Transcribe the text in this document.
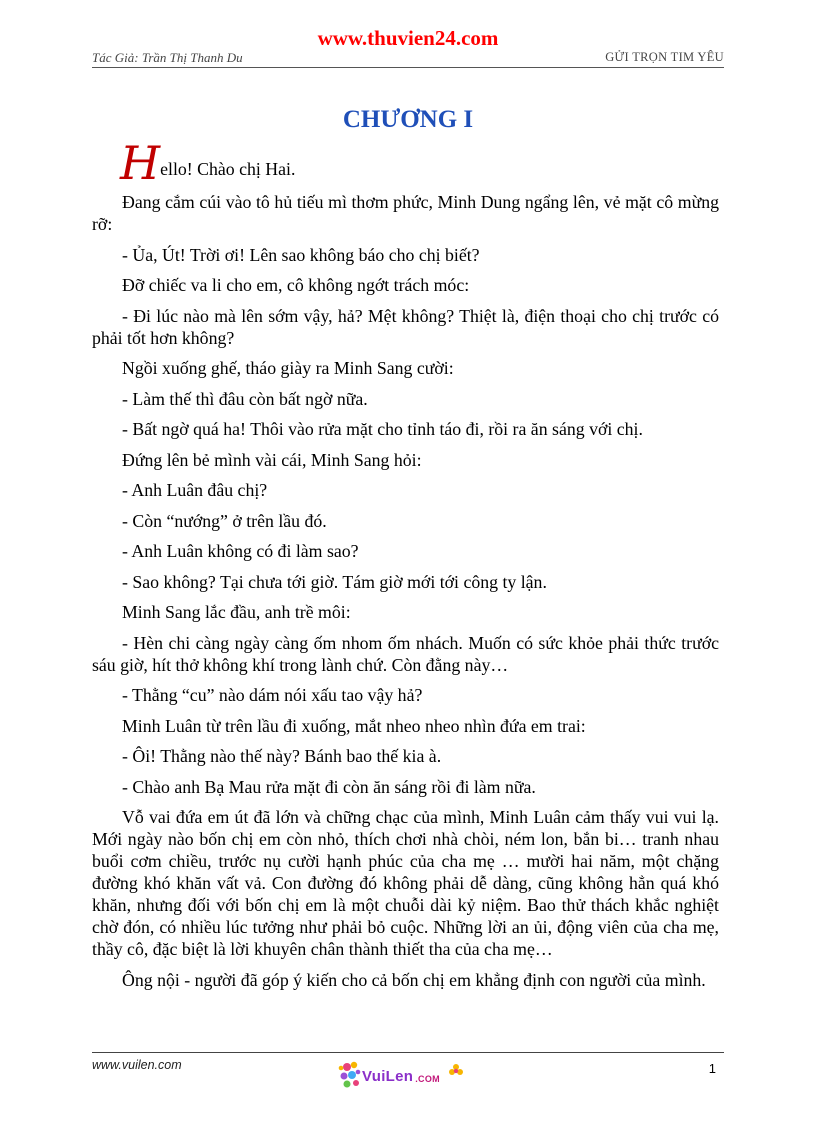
www.thuvien24.com
Tác Giả: Trần Thị Thanh Du	GỬI TRỌN TIM YÊU
CHƯƠNG I

Hello! Chào chị Hai.

Đang cắm cúi vào tô hủ tiếu mì thơm phức, Minh Dung ngẩng lên, vẻ mặt cô mừng rỡ:

- Ủa, Út! Trời ơi! Lên sao không báo cho chị biết?

Đỡ chiếc va li cho em, cô không ngớt trách móc:

- Đi lúc nào mà lên sớm vậy, hả? Mệt không? Thiệt là, điện thoại cho chị trước có phải tốt hơn không?

Ngồi xuống ghế, tháo giày ra Minh Sang cười:

- Làm thế thì đâu còn bất ngờ nữa.

- Bất ngờ quá ha! Thôi vào rửa mặt cho tỉnh táo đi, rồi ra ăn sáng với chị.

Đứng lên bẻ mình vài cái, Minh Sang hỏi:

- Anh Luân đâu chị?

- Còn “nướng” ở trên lầu đó.

- Anh Luân không có đi làm sao?

- Sao không? Tại chưa tới giờ. Tám giờ mới tới công ty lận.

Minh Sang lắc đầu, anh trề môi:

- Hèn chi càng ngày càng ốm nhom ốm nhách. Muốn có sức khỏe phải thức trước sáu giờ, hít thở không khí trong lành chứ. Còn đằng này…

- Thằng “cu” nào dám nói xấu tao vậy hả?

Minh Luân từ trên lầu đi xuống, mắt nheo nheo nhìn đứa em trai:

- Ôi! Thằng nào thế này? Bánh bao thế kia à.

- Chào anh Bạ Mau rửa mặt đi còn ăn sáng rồi đi làm nữa.

Vỗ vai đứa em út đã lớn và chững chạc của mình, Minh Luân cảm thấy vui vui lạ. Mới ngày nào bốn chị em còn nhỏ, thích chơi nhà chòi, ném lon, bắn bi… tranh nhau buổi cơm chiều, trước nụ cười hạnh phúc của cha mẹ … mười hai năm, một chặng đường khó khăn vất vả. Con đường đó không phải dễ dàng, cũng không hẳn quá khó khăn, nhưng đối với bốn chị em là một chuỗi dài kỷ niệm. Bao thử thách khắc nghiệt chờ đón, có nhiều lúc tưởng như phải bỏ cuộc. Những lời an ủi, động viên của cha mẹ, thầy cô, đặc biệt là lời khuyên chân thành thiết tha của cha mẹ…

Ông nội - người đã góp ý kiến cho cả bốn chị em khẳng định con người của mình.

www.vuilen.com
VuiLen .COM
1
